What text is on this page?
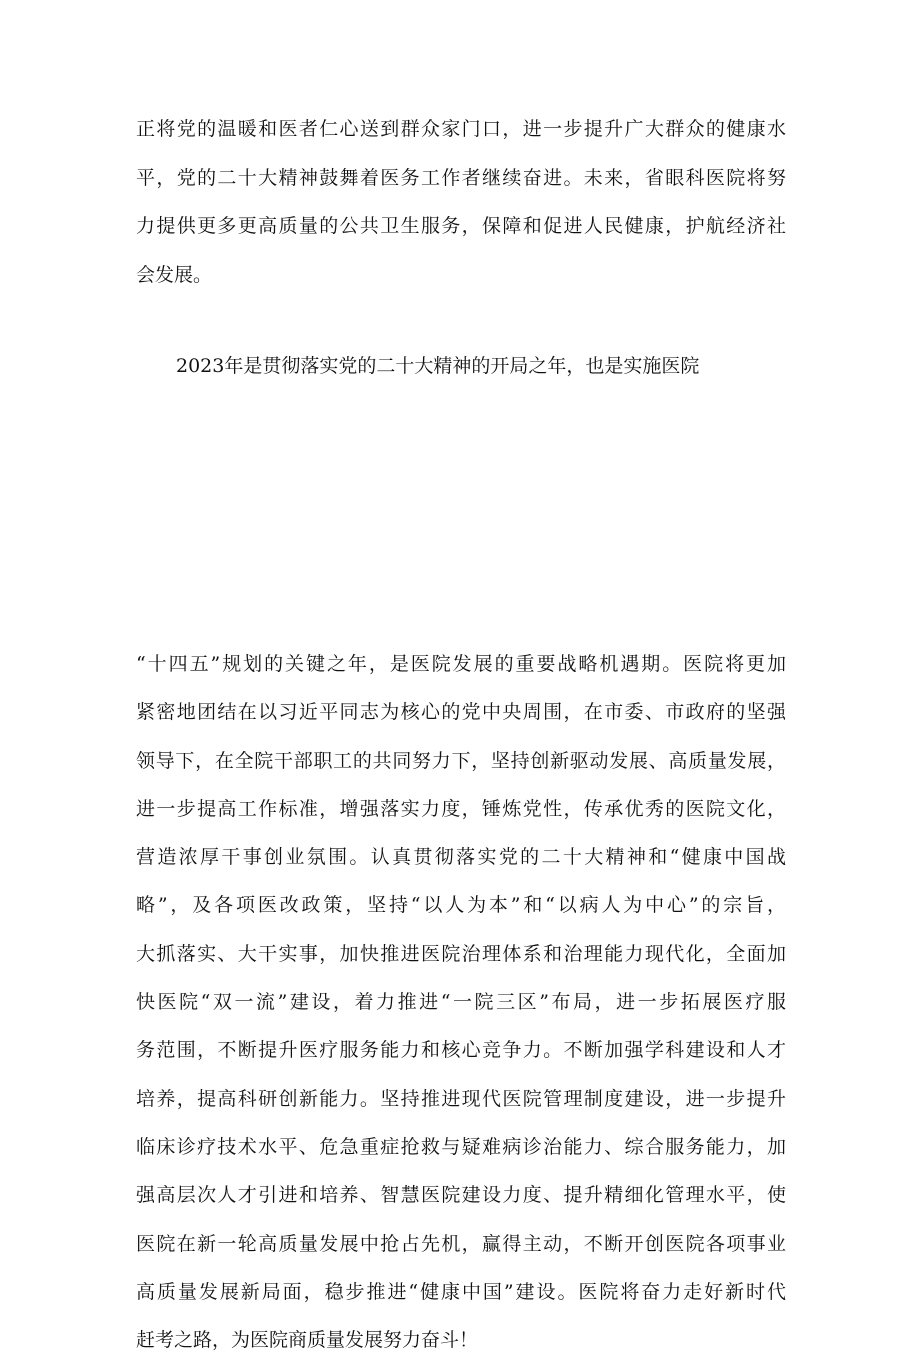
正将党的温暖和医者仁心送到群众家门口，进一步提升广大群众的健康水
平，党的二十大精神鼓舞着医务工作者继续奋进。未来，省眼科医院将努
力提供更多更高质量的公共卫生服务，保障和促进人民健康，护航经济社
会发展。
2023年是贯彻落实党的二十大精神的开局之年，也是实施医院
“十四五”规划的关键之年，是医院发展的重要战略机遇期。医院将更加
紧密地团结在以习近平同志为核心的党中央周围，在市委、市政府的坚强
领导下，在全院干部职工的共同努力下，坚持创新驱动发展、高质量发展，
进一步提高工作标准，增强落实力度，锤炼党性，传承优秀的医院文化，
营造浓厚干事创业氛围。认真贯彻落实党的二十大精神和“健康中国战
略”，及各项医改政策，坚持“以人为本”和“以病人为中心”的宗旨，
大抓落实、大干实事，加快推进医院治理体系和治理能力现代化，全面加
快医院“双一流”建设，着力推进“一院三区”布局，进一步拓展医疗服
务范围，不断提升医疗服务能力和核心竞争力。不断加强学科建设和人才
培养，提高科研创新能力。坚持推进现代医院管理制度建设，进一步提升
临床诊疗技术水平、危急重症抢救与疑难病诊治能力、综合服务能力，加
强高层次人才引进和培养、智慧医院建设力度、提升精细化管理水平，使
医院在新一轮高质量发展中抢占先机，赢得主动，不断开创医院各项事业
高质量发展新局面，稳步推进“健康中国”建设。医院将奋力走好新时代
赶考之路，为医院商质量发展努力奋斗！
